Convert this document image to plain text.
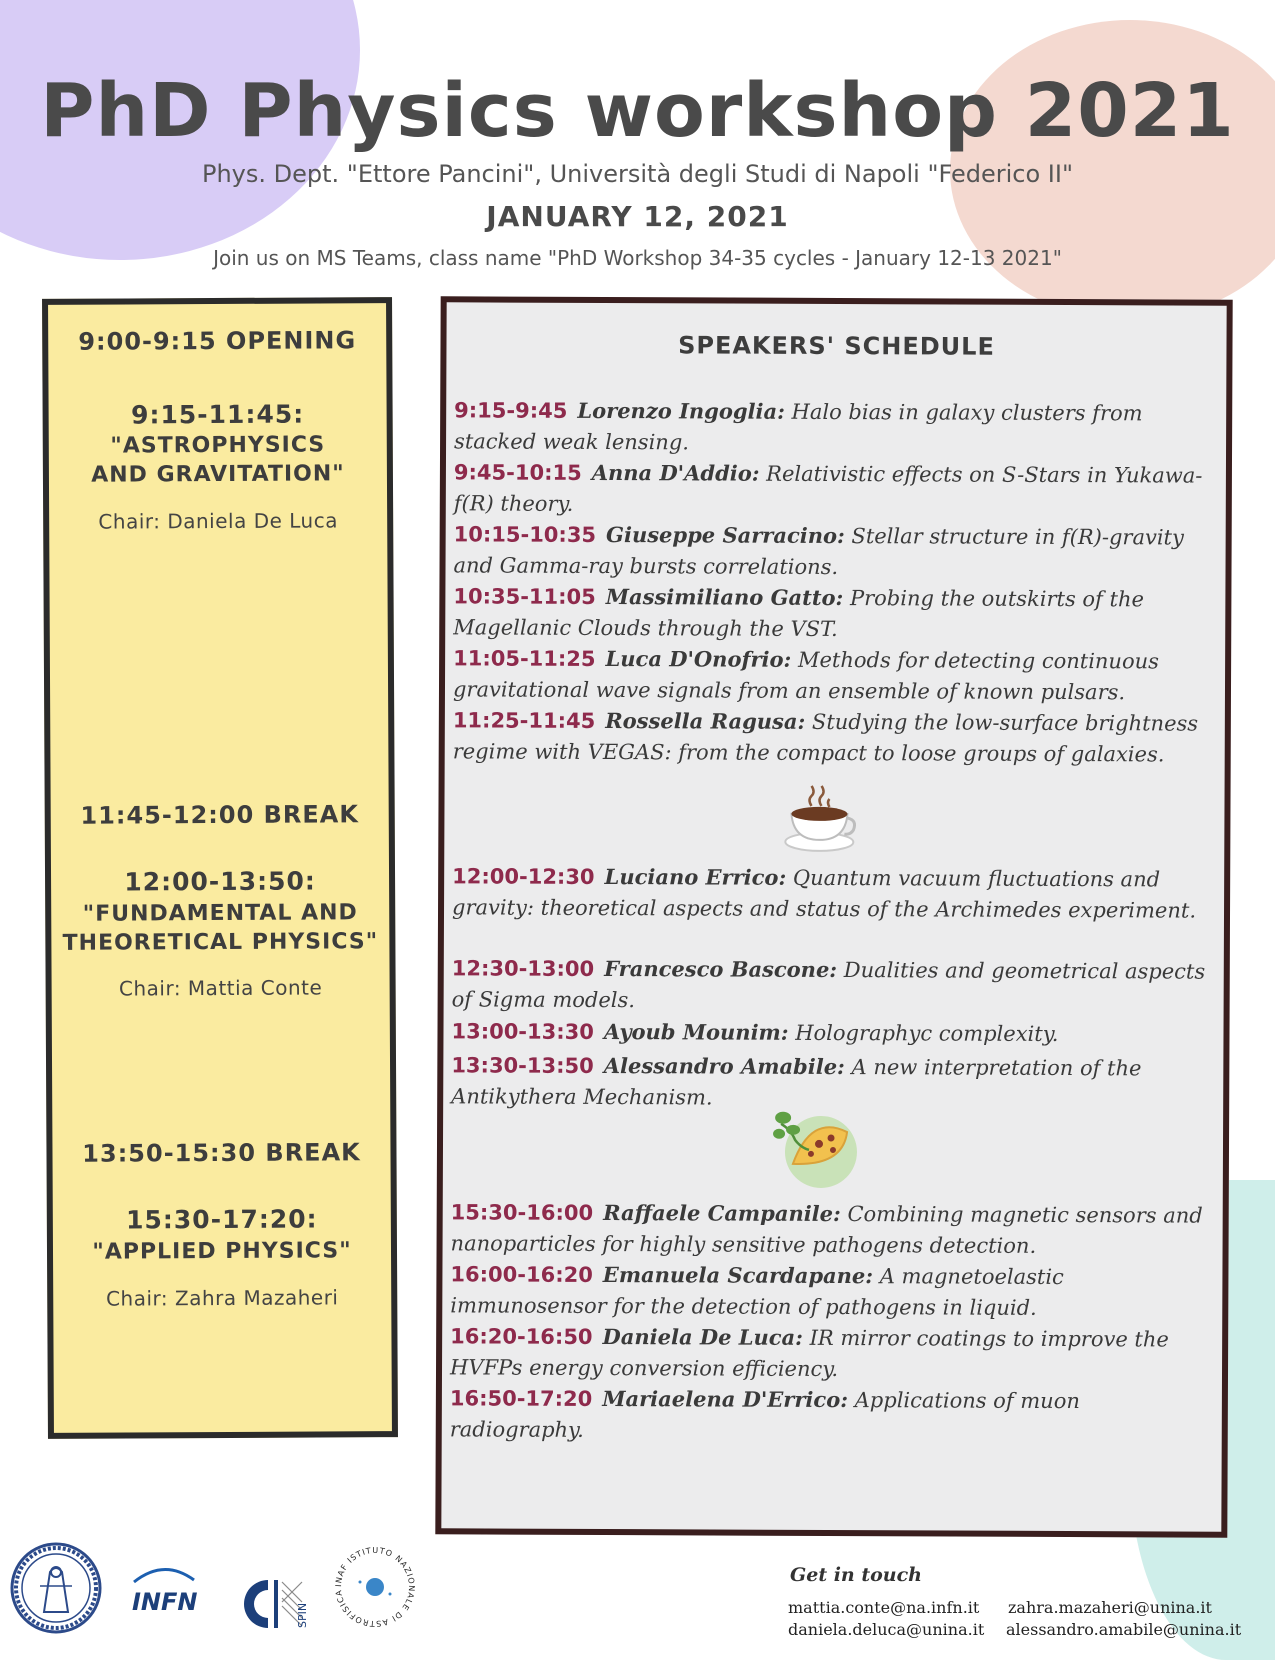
PhD Physics workshop 2021

Phys. Dept. "Ettore Pancini", Università degli Studi di Napoli "Federico II"

JANUARY 12, 2021

Join us on MS Teams, class name "PhD Workshop 34-35 cycles - January 12-13 2021"

9:00-9:15 OPENING
9:15-11:45:
"ASTROPHYSICS
AND GRAVITATION"
Chair: Daniela De Luca
11:45-12:00 BREAK
12:00-13:50:
"FUNDAMENTAL AND
THEORETICAL PHYSICS"
Chair: Mattia Conte
13:50-15:30 BREAK
15:30-17:20:
"APPLIED PHYSICS"
Chair: Zahra Mazaheri
SPEAKERS' SCHEDULE
9:15-9:45 Lorenzo Ingoglia: Halo bias in galaxy clusters from stacked weak lensing.
9:45-10:15 Anna D'Addio: Relativistic effects on S-Stars in Yukawa-f(R) theory.
10:15-10:35 Giuseppe Sarracino: Stellar structure in f(R)-gravity and Gamma-ray bursts correlations.
10:35-11:05 Massimiliano Gatto: Probing the outskirts of the Magellanic Clouds through the VST.
11:05-11:25 Luca D'Onofrio: Methods for detecting continuous gravitational wave signals from an ensemble of known pulsars.
11:25-11:45 Rossella Ragusa: Studying the low-surface brightness regime with VEGAS: from the compact to loose groups of galaxies.
12:00-12:30 Luciano Errico: Quantum vacuum fluctuations and gravity: theoretical aspects and status of the Archimedes experiment.
12:30-13:00 Francesco Bascone: Dualities and geometrical aspects of Sigma models.
13:00-13:30 Ayoub Mounim: Holographyc complexity.
13:30-13:50 Alessandro Amabile: A new interpretation of the Antikythera Mechanism.
15:30-16:00 Raffaele Campanile: Combining magnetic sensors and nanoparticles for highly sensitive pathogens detection.
16:00-16:20 Emanuela Scardapane: A magnetoelastic immunosensor for the detection of pathogens in liquid.
16:20-16:50 Daniela De Luca: IR mirror coatings to improve the HVFPs energy conversion efficiency.
16:50-17:20 Mariaelena D'Errico: Applications of muon radiography.
INFN	SPIN
INAF ISTITUTO NAZIONALE DI ASTROFISICA
Get in touch
mattia.conte@na.infn.it zahra.mazaheri@unina.it
daniela.deluca@unina.it alessandro.amabile@unina.it
